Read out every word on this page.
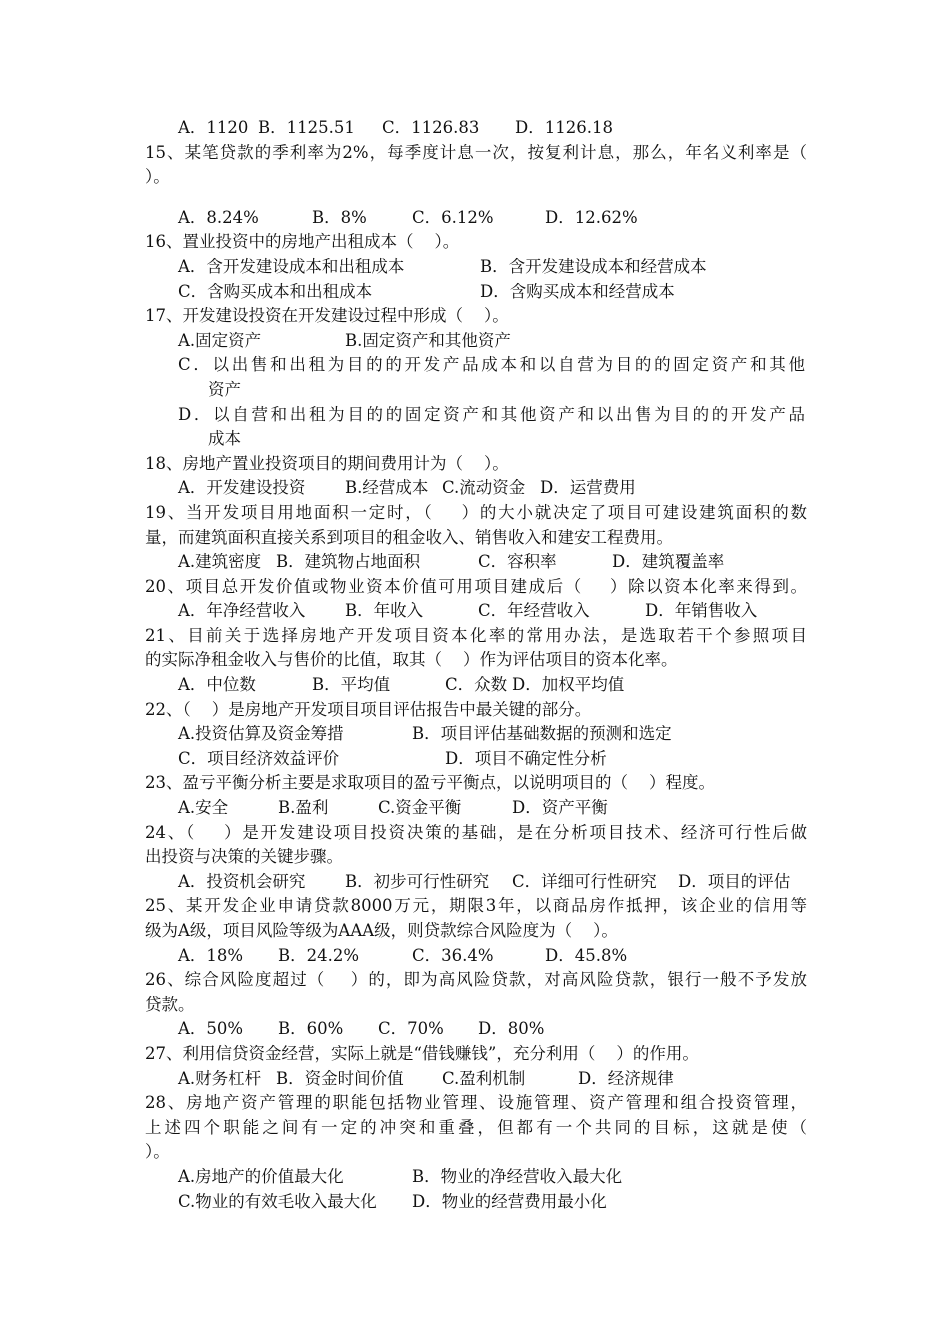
A．1120

B．1125.51

C．1126.83

D．1126.18

15、某笔贷款的季利率为2%，每季度计息一次，按复利计息，那么，年名义利率是（
）。

A．8.24%

	B．8%

	C．6.12%

	D．12.62%

16、置业投资中的房地产出租成本（    ）。

A．含开发建设成本和出租成本

	B．含开发建设成本和经营成本

C．含购买成本和出租成本

	D．含购买成本和经营成本

17、开发建设投资在开发建设过程中形成（    ）。

A.固定资产

	B.固定资产和其他资产

C．以出售和出租为目的的开发产品成本和以自营为目的的固定资产和其他
资产
D．以自营和出租为目的的固定资产和其他资产和以出售为目的的开发产品
成本
18、房地产置业投资项目的期间费用计为（    ）。

A．开发建设投资

B.经营成本

C.流动资金

D．运营费用

19、当开发项目用地面积一定时，（    ）的大小就决定了项目可建设建筑面积的数
量，而建筑面积直接关系到项目的租金收入、销售收入和建安工程费用。

A.建筑密度

B．建筑物占地面积

	C．容积率

	D．建筑覆盖率

20、项目总开发价值或物业资本价值可用项目建成后（    ）除以资本化率来得到。

A．年净经营收入

B．年收入

	C．年经营收入

	D．年销售收入

21、目前关于选择房地产开发项目资本化率的常用办法，是选取若干个参照项目
的实际净租金收入与售价的比值，取其（    ）作为评估项目的资本化率。

A．中位数

	B．平均值

	C．众数

D．加权平均值

22、（    ）是房地产开发项目项目评估报告中最关键的部分。

A.投资估算及资金筹措

	B．项目评估基础数据的预测和选定

C．项目经济效益评价

	D．项目不确定性分析

23、盈亏平衡分析主要是求取项目的盈亏平衡点，以说明项目的（    ）程度。

A.安全

	B.盈利

	C.资金平衡

	D．资产平衡

24、（    ）是开发建设项目投资决策的基础，是在分析项目技术、经济可行性后做
出投资与决策的关键步骤。

A．投资机会研究

B．初步可行性研究

C．详细可行性研究

D．项目的评估

25、某开发企业申请贷款8000万元，期限3年，以商品房作抵押，该企业的信用等
级为A级，项目风险等级为AAA级，则贷款综合风险度为（    ）。

A．18%

B．24.2%

	C．36.4%

	D．45.8%

26、综合风险度超过（    ）的，即为高风险贷款，对高风险贷款，银行一般不予发放
贷款。

A．50%

B．60%

C．70%

D．80%

27、利用信贷资金经营，实际上就是“借钱赚钱”，充分利用（    ）的作用。

A.财务杠杆

B．资金时间价值

C.盈利机制

	D．经济规律

28、房地产资产管理的职能包括物业管理、设施管理、资产管理和组合投资管理，
上述四个职能之间有一定的冲突和重叠，但都有一个共同的目标，这就是使（
）。

A.房地产的价值最大化

	B．物业的净经营收入最大化

C.物业的有效毛收入最大化

D．物业的经营费用最小化
